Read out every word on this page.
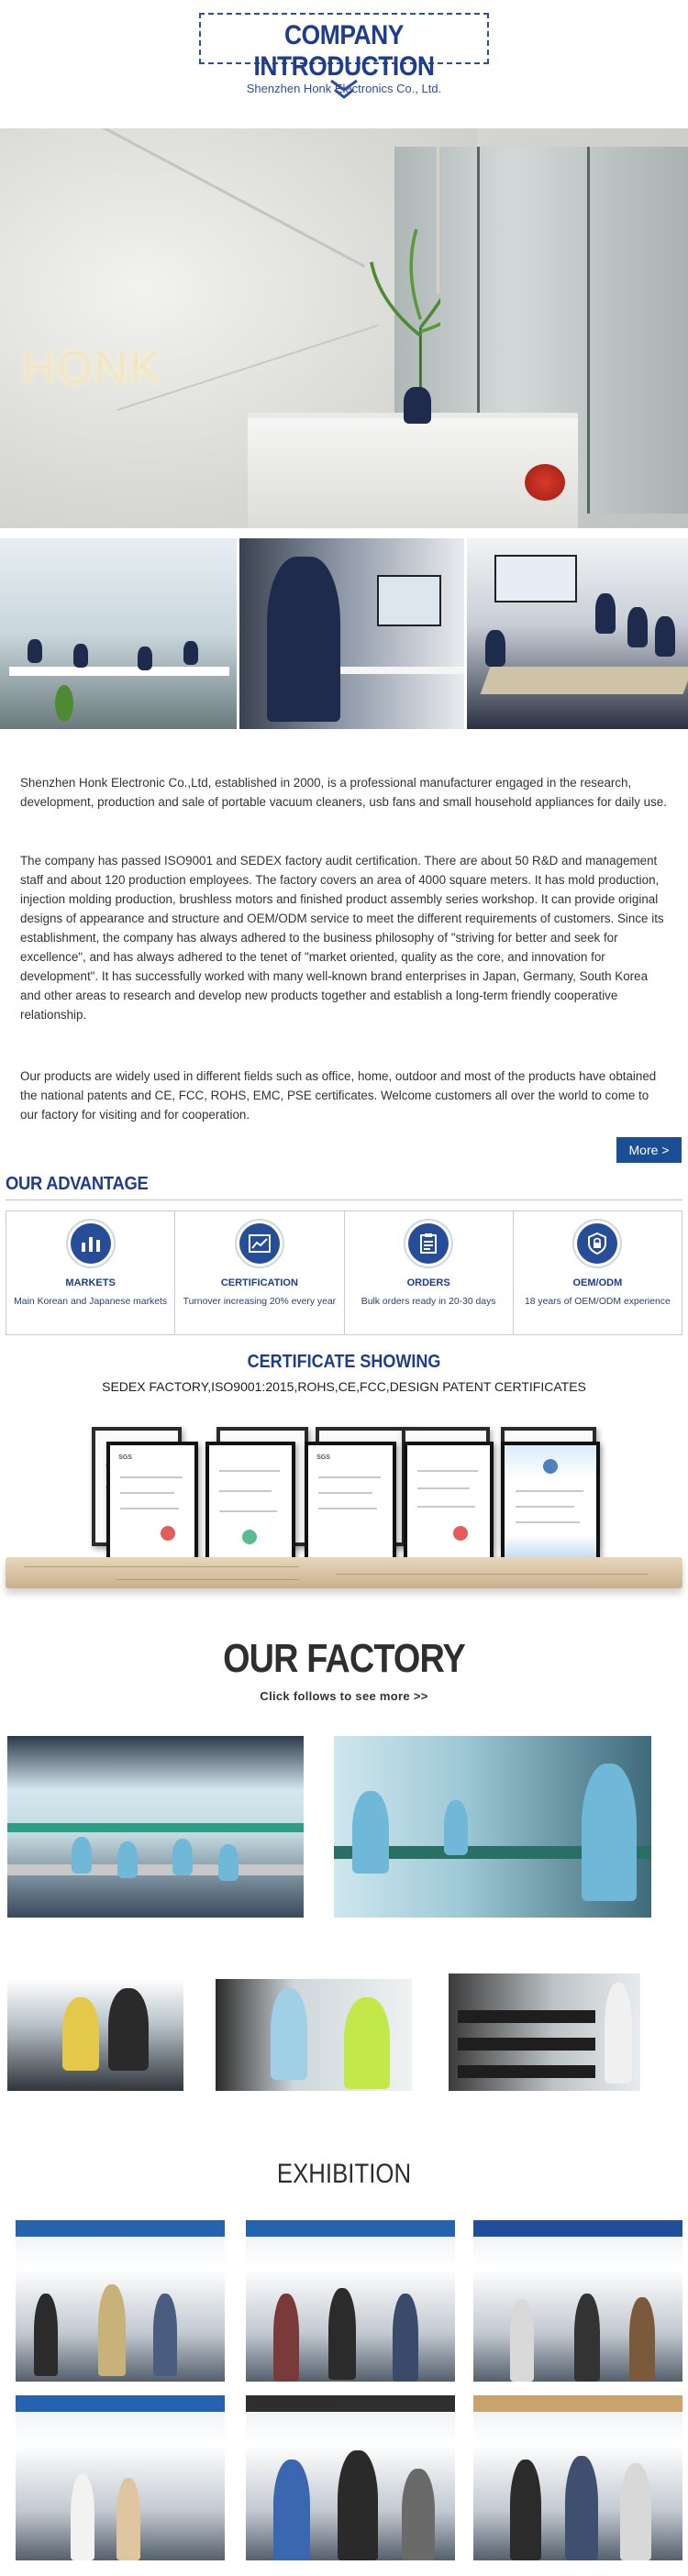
COMPANY INTRODUCTION
Shenzhen Honk Electronics Co., Ltd.
HONK

Shenzhen Honk Electronic Co.,Ltd, established in 2000, is a professional manufacturer engaged in the research, development, production and sale of portable vacuum cleaners, usb fans and small household appliances for daily use.

The company has passed ISO9001 and SEDEX factory audit certification. There are about 50 R&D and management staff and about 120 production employees. The factory covers an area of 4000 square meters. It has mold production, injection molding production, brushless motors and finished product assembly series workshop. It can provide original designs of appearance and structure and OEM/ODM service to meet the different requirements of customers. Since its establishment, the company has always adhered to the business philosophy of "striving for better and seek for excellence", and has always adhered to the tenet of "market oriented, quality as the core, and innovation for development". It has successfully worked with many well-known brand enterprises in Japan, Germany, South Korea and other areas to research and develop new products together and establish a long-term friendly cooperative relationship.

Our products are widely used in different fields such as office, home, outdoor and most of the products have obtained the national patents and CE, FCC, ROHS, EMC, PSE certificates. Welcome customers all over the world to come to our factory for visiting and for cooperation.

More >
OUR ADVANTAGE
MARKETS
Main Korean and Japanese markets
CERTIFICATION
Turnover increasing 20% every year
ORDERS
Bulk orders ready in 20-30 days
OEM/ODM
18 years of OEM/ODM experience
CERTIFICATE SHOWING
SEDEX FACTORY,ISO9001:2015,ROHS,CE,FCC,DESIGN PATENT CERTIFICATES
SGS	SGS
OUR FACTORY
Click follows to see more >>
EXHIBITION
